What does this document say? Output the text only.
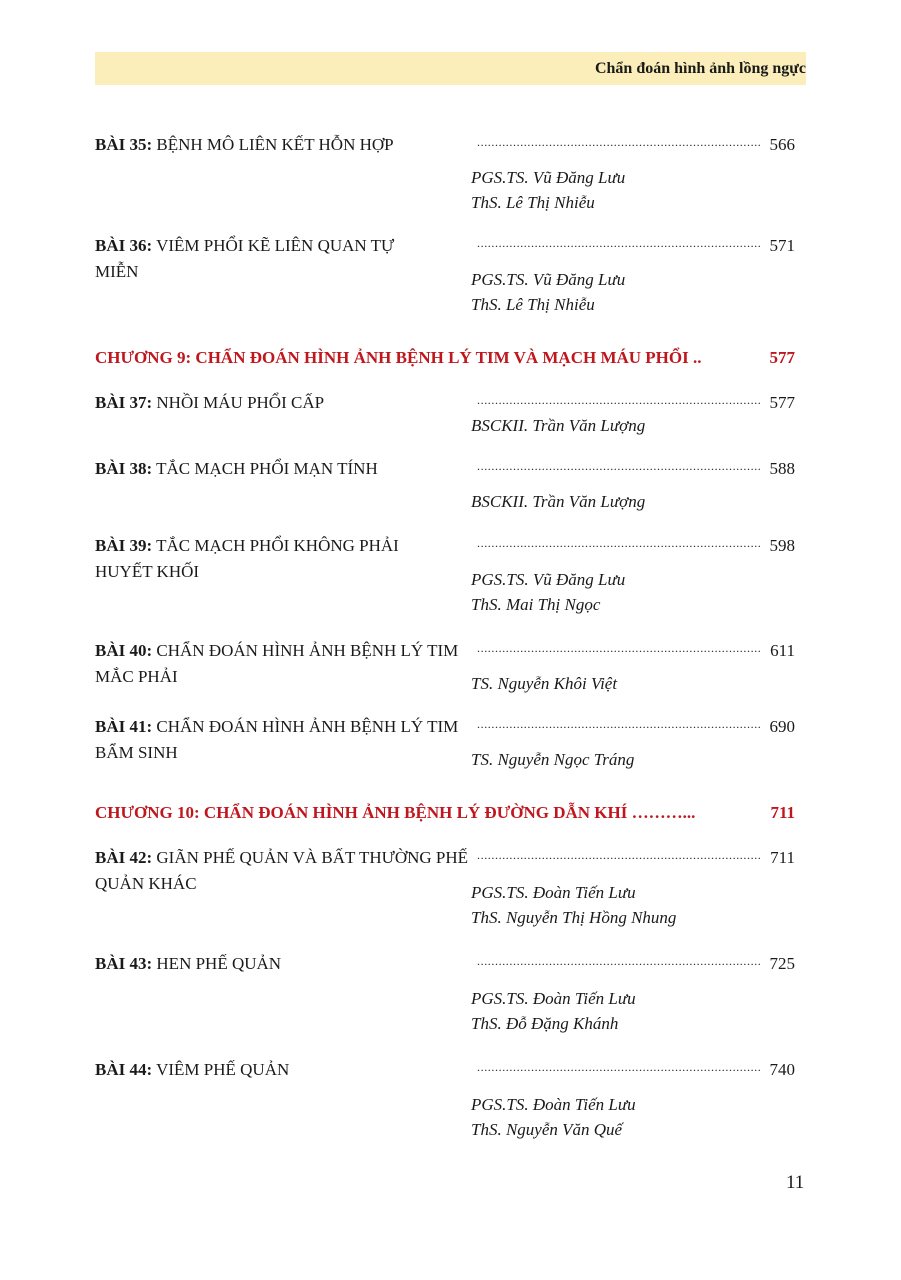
Chẩn đoán hình ảnh lồng ngực
BÀI 35: BỆNH MÔ LIÊN KẾT HỖN HỢP	............................................................................... 566
PGS.TS. Vũ Đăng Lưu
ThS. Lê Thị Nhiễu
BÀI 36: VIÊM PHỔI KẼ LIÊN QUAN TỰ MIỄN
............................................................................... 571
PGS.TS. Vũ Đăng Lưu
ThS. Lê Thị Nhiễu
CHƯƠNG 9: CHẨN ĐOÁN HÌNH ẢNH BỆNH LÝ TIM VÀ MẠCH MÁU PHỔI ..	577
BÀI 37: NHỒI MÁU PHỔI CẤP	............................................................................... 577
BSCKII. Trần Văn Lượng
BÀI 38: TẮC MẠCH PHỔI MẠN TÍNH	............................................................................... 588
BSCKII. Trần Văn Lượng
BÀI 39: TẮC MẠCH PHỔI KHÔNG PHẢI HUYẾT KHỐI
............................................................................... 598
PGS.TS. Vũ Đăng Lưu
ThS. Mai Thị Ngọc
BÀI 40: CHẨN ĐOÁN HÌNH ẢNH BỆNH LÝ TIM MẮC PHẢI
............................................................................... 611
TS. Nguyễn Khôi Việt
BÀI 41: CHẨN ĐOÁN HÌNH ẢNH BỆNH LÝ TIM BẨM SINH
............................................................................... 690
TS. Nguyễn Ngọc Tráng
CHƯƠNG 10: CHẨN ĐOÁN HÌNH ẢNH BỆNH LÝ ĐƯỜNG DẪN KHÍ ………...	711
BÀI 42: GIÃN PHẾ QUẢN VÀ BẤT THƯỜNG PHẾ QUẢN KHÁC
............................................................................... 711
PGS.TS. Đoàn Tiến Lưu
ThS. Nguyễn Thị Hồng Nhung
BÀI 43: HEN PHẾ QUẢN	............................................................................... 725
PGS.TS. Đoàn Tiến Lưu
ThS. Đỗ Đặng Khánh
BÀI 44: VIÊM PHẾ QUẢN	............................................................................... 740
PGS.TS. Đoàn Tiến Lưu
ThS. Nguyễn Văn Quế
11
